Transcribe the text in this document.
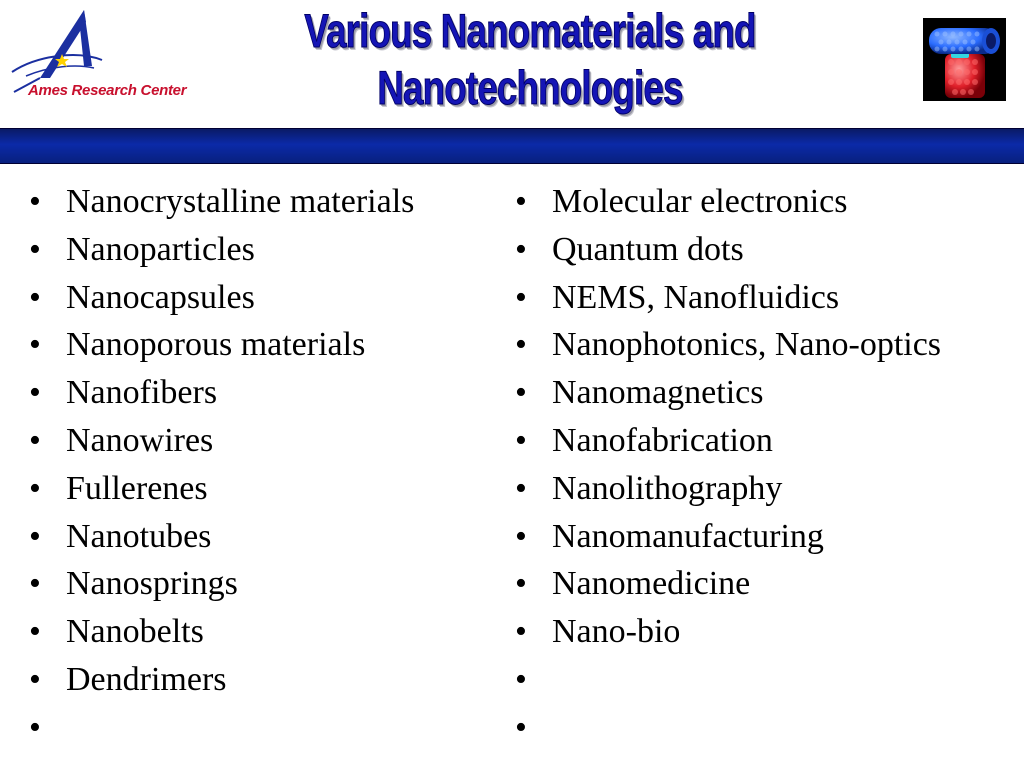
Ames Research Center
Various Nanomaterials and
Nanotechnologies
• Nanocrystalline materials
• Nanoparticles
• Nanocapsules
• Nanoporous materials
• Nanofibers
• Nanowires
• Fullerenes
• Nanotubes
• Nanosprings
• Nanobelts
• Dendrimers
•
• Molecular electronics
• Quantum dots
• NEMS, Nanofluidics
• Nanophotonics, Nano-optics
• Nanomagnetics
• Nanofabrication
• Nanolithography
• Nanomanufacturing
• Nanomedicine
• Nano-bio
•
•
